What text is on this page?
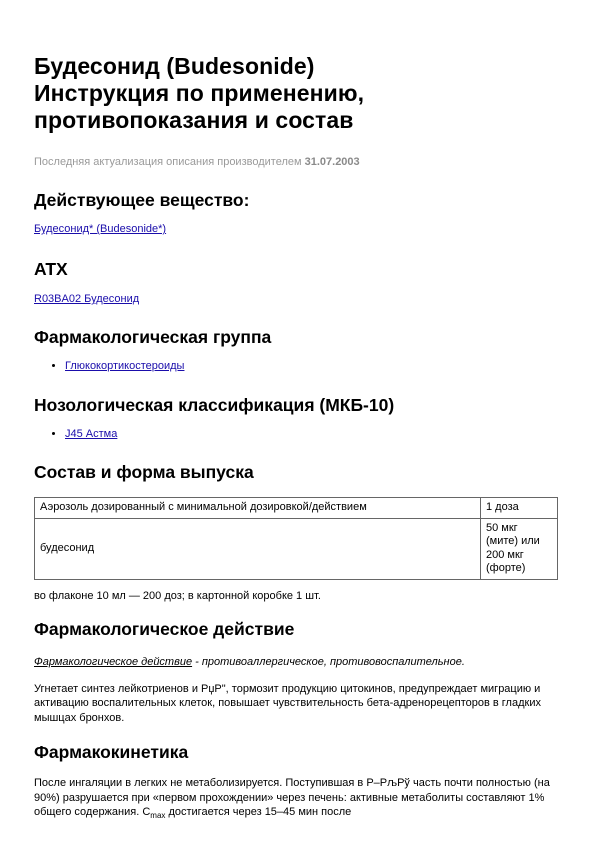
Будесонид (Budesonide)
Инструкция по применению,
противопоказания и состав
Последняя актуализация описания производителем 31.07.2003
Действующее вещество:
Будесонид* (Budesonide*)
ATX
R03BA02 Будесонид
Фармакологическая группа
• Глюкокортикостероиды
Нозологическая классификация (МКБ-10)
• J45 Астма
Состав и форма выпуска
Аэрозоль дозированный с минимальной дозировкой/действием	1 доза
будесонид	50 мкг (мите) или 200 мкг (форте)
во флаконе 10 мл — 200 доз; в картонной коробке 1 шт.
Фармакологическое действие
Фармакологическое действие - противоаллергическое, противовоспалительное.
Угнетает синтез лейкотриенов и PџP", тормозит продукцию цитокинов, предупреждает миграцию и активацию воспалительных клеток, повышает чувствительность бета-адренорецепторов в гладких мышцах бронхов.
Фармакокинетика
После ингаляции в легких не метаболизируется. Поступившая в Р–РљРў часть почти полностью (на 90%) разрушается при «первом прохождении» через печень: активные метаболиты составляют 1% общего содержания. $C_{max}$ достигается через 15–45 мин после
